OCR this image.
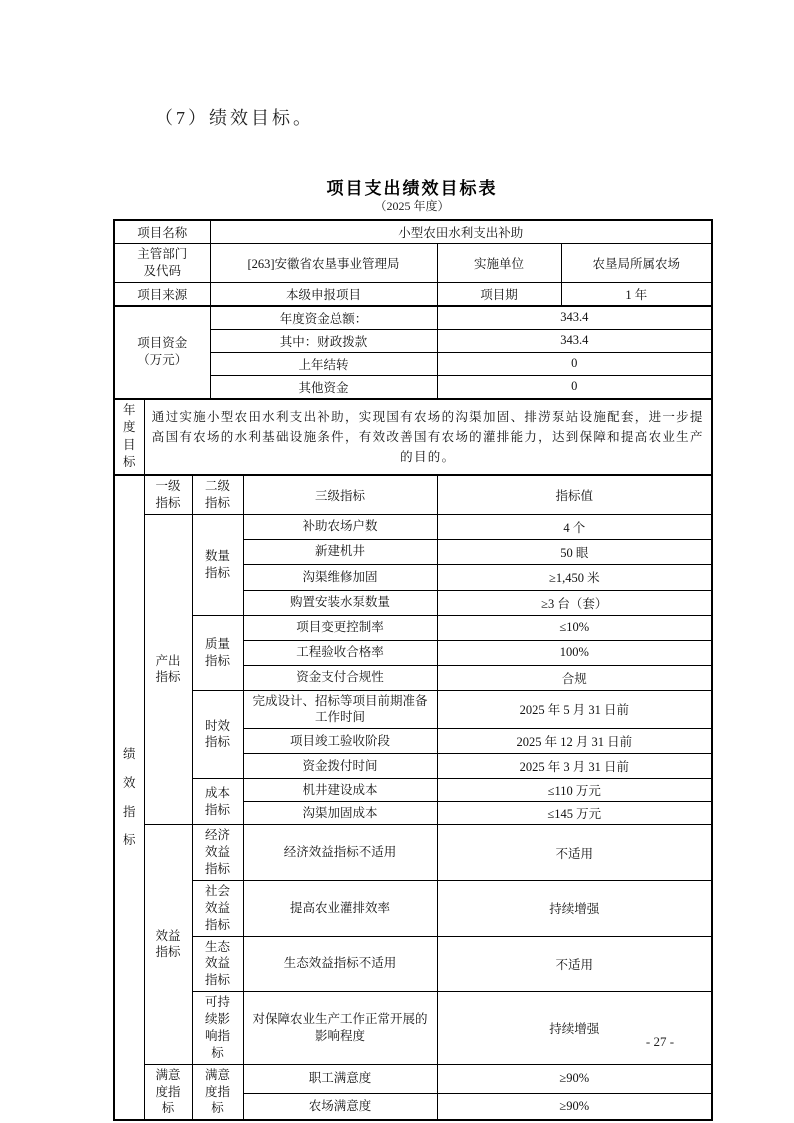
（7）绩效目标。
项目支出绩效目标表
（2025 年度）
项目名称			小型农田水利支出补助			
主管部门及代码			[263]安徽省农垦事业管理局		实施单位	农垦局所属农场
项目来源			本级申报项目		项目期	1 年
项目资金（万元）			年度资金总额：		343.4	
			其中：财政拨款		343.4	
			上年结转		0	
			其他资金		0	
年度目标	通过实施小型农田水利支出补助，实现国有农场的沟渠加固、排涝泵站设施配套，进一步提高国有农场的水利基础设施条件，有效改善国有农场的灌排能力，达到保障和提高农业生产的目的。					
绩效指标	一级指标	二级指标		三级指标	指标值	
	产出指标	数量指标		补助农场户数	4 个	
				新建机井	50 眼	
				沟渠维修加固	≥1,450 米	
				购置安装水泵数量	≥3 台（套）	
		质量指标		项目变更控制率	≤10%	
				工程验收合格率	100%	
				资金支付合规性	合规	
		时效指标		完成设计、招标等项目前期准备工作时间	2025 年 5 月 31 日前	
				项目竣工验收阶段	2025 年 12 月 31 日前	
				资金拨付时间	2025 年 3 月 31 日前	
		成本指标		机井建设成本	≤110 万元	
				沟渠加固成本	≤145 万元	
	效益指标	经济效益指标		经济效益指标不适用	不适用	
		社会效益指标		提高农业灌排效率	持续增强	
		生态效益指标		生态效益指标不适用	不适用	
		可持续影响指标		对保障农业生产工作正常开展的影响程度	持续增强	
	满意度指标	满意度指标		职工满意度	≥90%	
				农场满意度	≥90%	
- 27 -
